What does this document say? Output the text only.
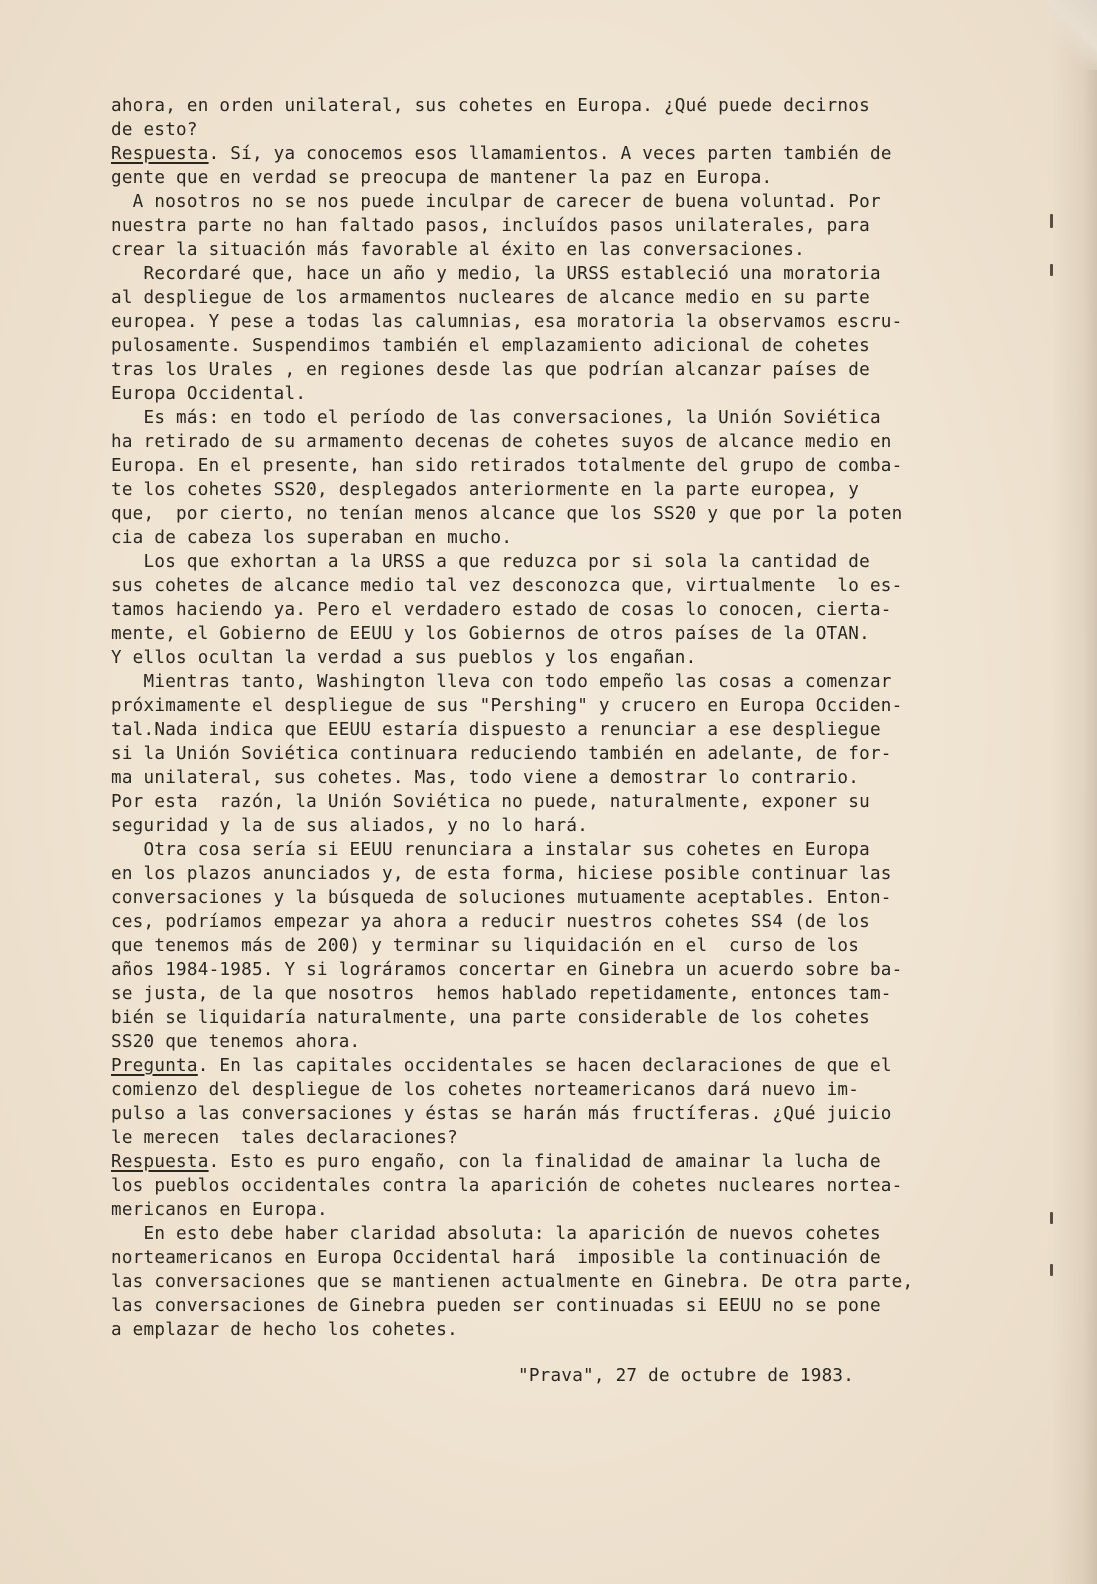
ahora, en orden unilateral, sus cohetes en Europa. ¿Qué puede decirnos
de esto?
Respuesta. Sí, ya conocemos esos llamamientos. A veces parten también de
gente que en verdad se preocupa de mantener la paz en Europa.
A nosotros no se nos puede inculpar de carecer de buena voluntad. Por
nuestra parte no han faltado pasos, incluídos pasos unilaterales, para
crear la situación más favorable al éxito en las conversaciones.
Recordaré que, hace un año y medio, la URSS estableció una moratoria
al despliegue de los armamentos nucleares de alcance medio en su parte
europea. Y pese a todas las calumnias, esa moratoria la observamos escru-
pulosamente. Suspendimos también el emplazamiento adicional de cohetes
tras los Urales , en regiones desde las que podrían alcanzar países de
Europa Occidental.
Es más: en todo el período de las conversaciones, la Unión Soviética
ha retirado de su armamento decenas de cohetes suyos de alcance medio en
Europa. En el presente, han sido retirados totalmente del grupo de comba-
te los cohetes SS20, desplegados anteriormente en la parte europea, y
que,  por cierto, no tenían menos alcance que los SS20 y que por la poten
cia de cabeza los superaban en mucho.
Los que exhortan a la URSS a que reduzca por si sola la cantidad de
sus cohetes de alcance medio tal vez desconozca que, virtualmente  lo es-
tamos haciendo ya. Pero el verdadero estado de cosas lo conocen, cierta-
mente, el Gobierno de EEUU y los Gobiernos de otros países de la OTAN.
Y ellos ocultan la verdad a sus pueblos y los engañan.
Mientras tanto, Washington lleva con todo empeño las cosas a comenzar
próximamente el despliegue de sus "Pershing" y crucero en Europa Occiden-
tal.Nada indica que EEUU estaría dispuesto a renunciar a ese despliegue
si la Unión Soviética continuara reduciendo también en adelante, de for-
ma unilateral, sus cohetes. Mas, todo viene a demostrar lo contrario.
Por esta  razón, la Unión Soviética no puede, naturalmente, exponer su
seguridad y la de sus aliados, y no lo hará.
Otra cosa sería si EEUU renunciara a instalar sus cohetes en Europa
en los plazos anunciados y, de esta forma, hiciese posible continuar las
conversaciones y la búsqueda de soluciones mutuamente aceptables. Enton-
ces, podríamos empezar ya ahora a reducir nuestros cohetes SS4 (de los
que tenemos más de 200) y terminar su liquidación en el  curso de los
años 1984-1985. Y si lográramos concertar en Ginebra un acuerdo sobre ba-
se justa, de la que nosotros  hemos hablado repetidamente, entonces tam-
bién se liquidaría naturalmente, una parte considerable de los cohetes
SS20 que tenemos ahora.
Pregunta. En las capitales occidentales se hacen declaraciones de que el
comienzo del despliegue de los cohetes norteamericanos dará nuevo im-
pulso a las conversaciones y éstas se harán más fructíferas. ¿Qué juicio
le merecen  tales declaraciones?
Respuesta. Esto es puro engaño, con la finalidad de amainar la lucha de
los pueblos occidentales contra la aparición de cohetes nucleares nortea-
mericanos en Europa.
En esto debe haber claridad absoluta: la aparición de nuevos cohetes
norteamericanos en Europa Occidental hará  imposible la continuación de
las conversaciones que se mantienen actualmente en Ginebra. De otra parte,
las conversaciones de Ginebra pueden ser continuadas si EEUU no se pone
a emplazar de hecho los cohetes.
"Prava", 27 de octubre de 1983.
